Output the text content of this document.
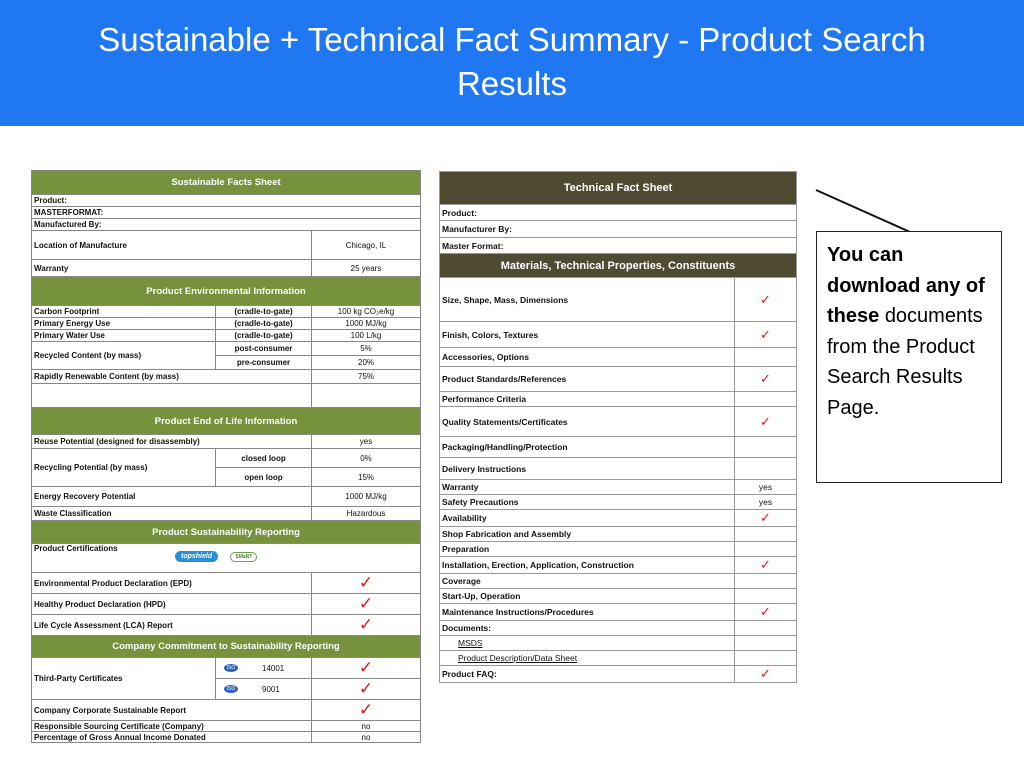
Sustainable + Technical Fact Summary - Product Search Results
Sustainable Facts Sheet		
Product:		
MASTERFORMAT:		
Manufactured By:		
Location of Manufacture		Chicago, IL
Warranty		25 years
Product Environmental Information		
Carbon Footprint	(cradle-to-gate)	100 kg CO₂e/kg
Primary Energy Use	(cradle-to-gate)	1000 MJ/kg
Primary Water Use	(cradle-to-gate)	100 L/kg
Recycled Content (by mass)	post-consumer	5%
	pre-consumer	20%
Rapidly Renewable Content (by mass)		75%

Product End of Life Information		
Reuse Potential (designed for disassembly)		yes
Recycling Potential (by mass)	closed loop	0%
	open loop	15%
Energy Recovery Potential		1000 MJ/kg
Waste Classification		Hazardous
Product Sustainability Reporting		
Product Certifications
topshield SMaRT		

Environmental Product Declaration (EPD)		✓
Healthy Product Declaration (HPD)		✓
Life Cycle Assessment (LCA) Report		✓
Company Commitment to Sustainability Reporting		
Third-Party Certificates	ISO 14001	✓
	ISO 9001	✓
Company Corporate Sustainable Report		✓
Responsible Sourcing Certificate (Company)		no
Percentage of Gross Annual Income Donated		no
Technical Fact Sheet	
Product:	
Manufacturer By:	
Master Format:	
Materials, Technical Properties, Constituents	
Size, Shape, Mass, Dimensions	✓
Finish, Colors, Textures	✓
Accessories, Options	
Product Standards/References	✓
Performance Criteria	
Quality Statements/Certificates	✓
Packaging/Handling/Protection	
Delivery Instructions	
Warranty	yes
Safety Precautions	yes
Availability	✓
Shop Fabrication and Assembly	
Preparation	
Installation, Erection, Application, Construction	✓
Coverage	
Start-Up, Operation	
Maintenance Instructions/Procedures	✓
Documents:	
MSDS	
Product Description/Data Sheet	
Product FAQ:	✓
You can download any of these documents from the Product Search Results Page.
